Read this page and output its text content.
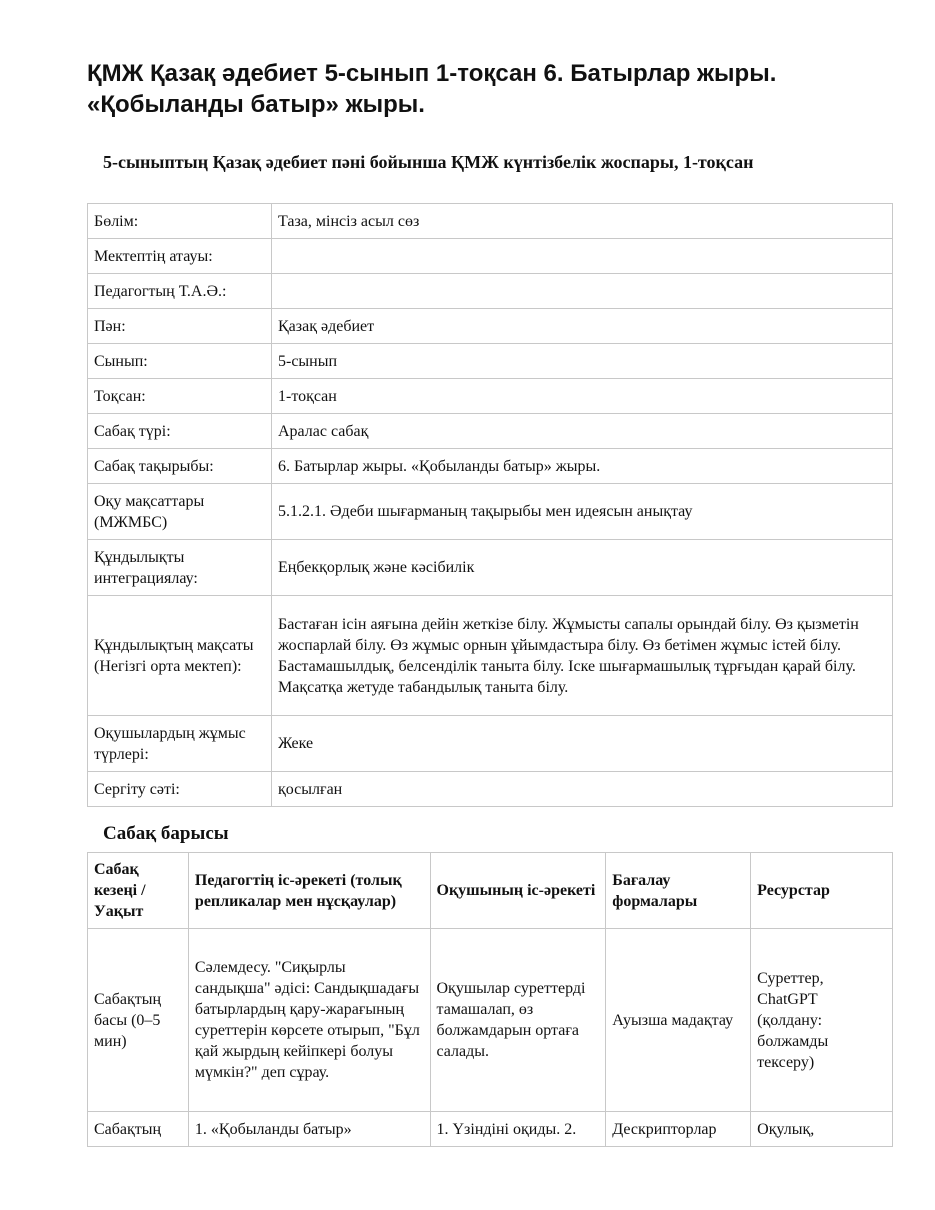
ҚМЖ Қазақ әдебиет 5-сынып 1-тоқсан 6. Батырлар жыры. «Қобыланды батыр» жыры.
5-сыныптың Қазақ әдебиет пәні бойынша ҚМЖ күнтізбелік жоспары, 1-тоқсан
Бөлім:	Таза, мінсіз асыл сөз
Мектептің атауы:	
Педагогтың Т.А.Ә.:	
Пән:	Қазақ әдебиет
Сынып:	5-сынып
Тоқсан:	1-тоқсан
Сабақ түрі:	Аралас сабақ
Сабақ тақырыбы:	6. Батырлар жыры. «Қобыланды батыр» жыры.
Оқу мақсаттары (МЖМБС)	5.1.2.1. Әдеби шығарманың тақырыбы мен идеясын анықтау
Құндылықты интеграциялау:	Еңбекқорлық және кәсібилік
Құндылықтың мақсаты (Негізгі орта мектеп):	Бастаған ісін аяғына дейін жеткізе білу. Жұмысты сапалы орындай білу. Өз қызметін жоспарлай білу. Өз жұмыс орнын ұйымдастыра білу. Өз бетімен жұмыс істей білу. Бастамашылдық, белсенділік таныта білу. Іске шығармашылық тұрғыдан қарай білу. Мақсатқа жетуде табандылық таныта білу.
Оқушылардың жұмыс түрлері:	Жеке
Сергіту сәті:	қосылған
Сабақ барысы
Сабақ кезеңі / Уақыт	Педагогтің іс-әрекеті (толық репликалар мен нұсқаулар)	Оқушының іс-әрекеті	Бағалау формалары	Ресурстар
Сабақтың басы (0–5 мин)	Сәлемдесу. "Сиқырлы сандықша" әдісі: Сандықшадағы батырлардың қару-жарағының суреттерін көрсете отырып, "Бұл қай жырдың кейіпкері болуы мүмкін?" деп сұрау.	Оқушылар суреттерді тамашалап, өз болжамдарын ортаға салады.	Ауызша мадақтау	Суреттер, ChatGPT (қолдану: болжамды тексеру)
Сабақтың	1. «Қобыланды батыр»	1. Үзіндіні оқиды. 2.	Дескрипторлар	Оқулық,
